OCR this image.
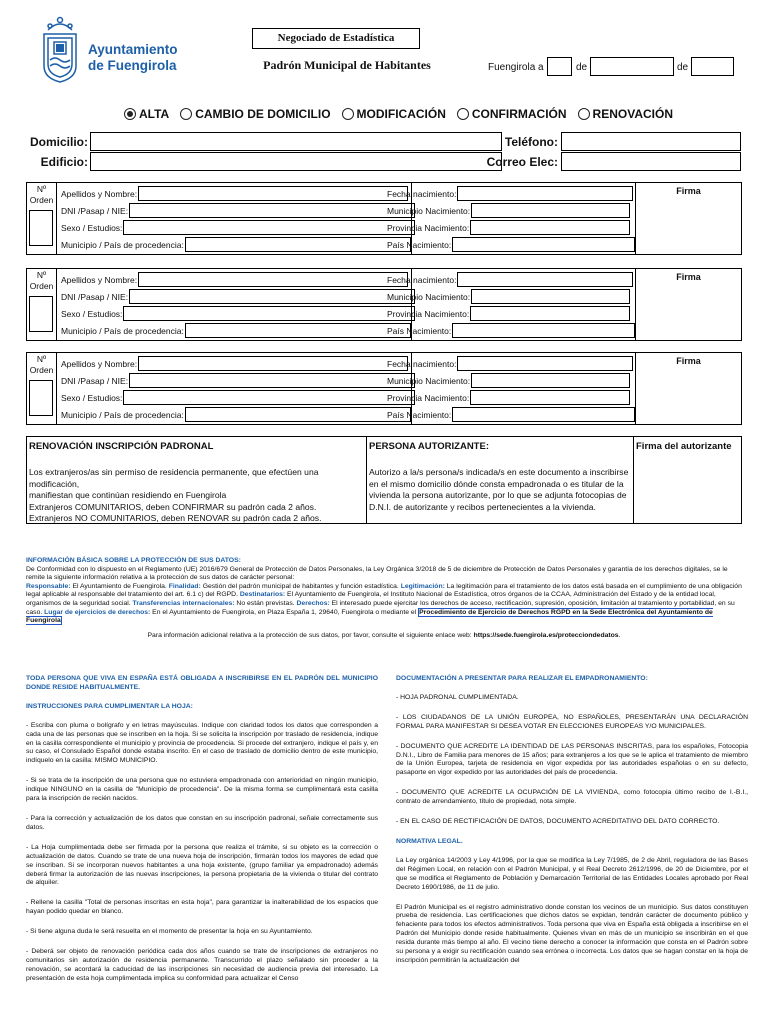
Ayuntamiento
de Fuengirola
Negociado de Estadística
Padrón Municipal de Habitantes	Fuengirola a	de	de
ALTA CAMBIO DE DOMICILIO MODIFICACIÓN CONFIRMACIÓN RENOVACIÓN
Domicilio:
Edificio:
Teléfono:
Correo Elec:
Nº Orden
Apellidos y Nombre:
DNI /Pasap / NIE:
Sexo / Estudios:
Municipio / País de procedencia:
Fecha nacimiento:
Municipio Nacimiento:
Provincia Nacimiento:
País Nacimiento:
Firma
Nº Orden
Apellidos y Nombre:
DNI /Pasap / NIE:
Sexo / Estudios:
Municipio / País de procedencia:
Fecha nacimiento:
Municipio Nacimiento:
Provincia Nacimiento:
País Nacimiento:
Firma
Nº Orden
Apellidos y Nombre:
DNI /Pasap / NIE:
Sexo / Estudios:
Municipio / País de procedencia:
Fecha nacimiento:
Municipio Nacimiento:
Provincia Nacimiento:
País Nacimiento:
Firma
RENOVACIÓN INSCRIPCIÓN PADRONAL
Los extranjeros/as sin permiso de residencia permanente, que efectúen una modificación,
manifiestan que continúan residiendo en Fuengirola
Extranjeros COMUNITARIOS, deben CONFIRMAR su padrón cada 2 años.
Extranjeros NO COMUNITARIOS, deben RENOVAR su padrón cada 2 años.
PERSONA AUTORIZANTE:
Autorizo a la/s persona/s indicada/s en este documento a inscribirse
en el mismo domicilio dónde consta empadronada o es titular de la
vivienda la persona autorizante, por lo que se adjunta fotocopias de
D.N.I. de autorizante y recibos pertenecientes a la vivienda.
Firma del autorizante
INFORMACIÓN BÁSICA SOBRE LA PROTECCIÓN DE SUS DATOS:
De Conformidad con lo dispuesto en el Reglamento (UE) 2016/679 General de Protección de Datos Personales, la Ley Orgánica 3/2018 de 5 de diciembre de Protección de Datos Personales y garantía de los derechos digitales, se le remite la siguiente información relativa a la protección de sus datos de carácter personal:
Responsable: El Ayuntamiento de Fuengirola. Finalidad: Gestión del padrón municipal de habitantes y función estadística. Legitimación: La legitimación para el tratamiento de los datos está basada en el cumplimiento de una obligación legal aplicable al responsable del tratamiento del art. 6.1 c) del RGPD. Destinatarios: El Ayuntamiento de Fuengirola, el Instituto Nacional de Estadística, otros órganos de la CCAA, Administración del Estado y de la entidad local, organismos de la seguridad social. Transferencias internacionales: No están previstas. Derechos: El interesado puede ejercitar los derechos de acceso, rectificación, supresión, oposición, limitación al tratamiento y portabilidad, en su caso. Lugar de ejercicios de derechos: En el Ayuntamiento de Fuengirola, en Plaza España 1, 29640, Fuengirola o mediante el Procedimiento de Ejercicio de Derechos RGPD en la Sede Electrónica del Ayuntamiento de Fuengirola
Para información adicional relativa a la protección de sus datos, por favor, consulte el siguiente enlace web: https://sede.fuengirola.es/protecciondedatos.
TODA PERSONA QUE VIVA EN ESPAÑA ESTÁ OBLIGADA A INSCRIBIRSE EN EL PADRÓN DEL MUNICIPIO DONDE RESIDE HABITUALMENTE.
INSTRUCCIONES PARA CUMPLIMENTAR LA HOJA:

- Escriba con pluma o bolígrafo y en letras mayúsculas. Indique con claridad todos los datos que corresponden a cada una de las personas que se inscriben en la hoja. Si se solicita la inscripción por traslado de residencia, indique en la casilla correspondiente el municipio y provincia de procedencia. Si procede del extranjero, indique el país y, en su caso, el Consulado Español donde estaba inscrito. En el caso de traslado de domicilio dentro de este municipio, indíquelo en la casilla: MISMO MUNICIPIO.

- Si se trata de la inscripción de una persona que no estuviera empadronada con anterioridad en ningún municipio, indique NINGUNO en la casilla de "Municipio de procedencia". De la misma forma se cumplimentará esta casilla para la inscripción de recién nacidos.

- Para la corrección y actualización de los datos que constan en su inscripción padronal, señale correctamente sus datos.

- La Hoja cumplimentada debe ser firmada por la persona que realiza el trámite, si su objeto es la corrección o actualización de datos. Cuando se trate de una nueva hoja de inscripción, firmarán todos los mayores de edad que se inscriban. Si se incorporan nuevos habitantes a una hoja existente, (grupo familiar ya empadronado) además deberá firmar la autorización de las nuevas inscripciones, la persona propietaria de la vivienda o titular del contrato de alquiler.

- Rellene la casilla "Total de personas inscritas en esta hoja", para garantizar la inalterabilidad de los espacios que hayan podido quedar en blanco.

- Si tiene alguna duda le será resuelta en el momento de presentar la hoja en su Ayuntamiento.

- Deberá ser objeto de renovación periódica cada dos años cuando se trate de inscripciones de extranjeros no comunitarios sin autorización de residencia permanente. Transcurrido el plazo señalado sin proceder a la renovación, se acordará la caducidad de las inscripciones sin necesidad de audiencia previa del interesado. La presentación de esta hoja cumplimentada implica su conformidad para actualizar el Censo

DOCUMENTACIÓN A PRESENTAR PARA REALIZAR EL EMPADRONAMIENTO:

- HOJA PADRONAL CUMPLIMENTADA.

- LOS CIUDADANOS DE LA UNIÓN EUROPEA, NO ESPAÑOLES, PRESENTARÁN UNA DECLARACIÓN FORMAL PARA MANIFESTAR SI DESEA VOTAR EN ELECCIONES EUROPEAS Y/O MUNICIPALES.

- DOCUMENTO QUE ACREDITE LA IDENTIDAD DE LAS PERSONAS INSCRITAS, para los españoles, Fotocopia D.N.I., Libro de Familia para menores de 15 años; para extranjeros a los que se le aplica el tratamiento de miembro de la Unión Europea, tarjeta de residencia en vigor expedida por las autoridades españolas o en su defecto, pasaporte en vigor expedido por las autoridades del país de procedencia.

- DOCUMENTO QUE ACREDITE LA OCUPACIÓN DE LA VIVIENDA, como fotocopia último recibo de I.-B.I., contrato de arrendamiento, título de propiedad, nota simple.

- EN EL CASO DE RECTIFICACIÓN DE DATOS, DOCUMENTO ACREDITATIVO DEL DATO CORRECTO.

NORMATIVA LEGAL.

La Ley orgánica 14/2003 y Ley 4/1996, por la que se modifica la Ley 7/1985, de 2 de Abril, reguladora de las Bases del Régimen Local, en relación con el Padrón Municipal, y el Real Decreto 2612/1996, de 20 de Diciembre, por el que se modifica el Reglamento de Población y Demarcación Territorial de las Entidades Locales aprobado por Real Decreto 1690/1986, de 11 de julio.

El Padrón Municipal es el registro administrativo donde constan los vecinos de un municipio. Sus datos constituyen prueba de residencia. Las certificaciones que dichos datos se expidan, tendrán carácter de documento público y fehaciente para todos los efectos administrativos. Toda persona que viva en España está obligada a inscribirse en el Padrón del Municipio donde reside habitualmente. Quienes vivan en más de un municipio se inscribirán en el que resida durante más tiempo al año. El vecino tiene derecho a conocer la información que consta en el Padrón sobre su persona y a exigir su rectificación cuando sea errónea o incorrecta. Los datos que se hagan constar en la hoja de inscripción permitirán la actualización del
